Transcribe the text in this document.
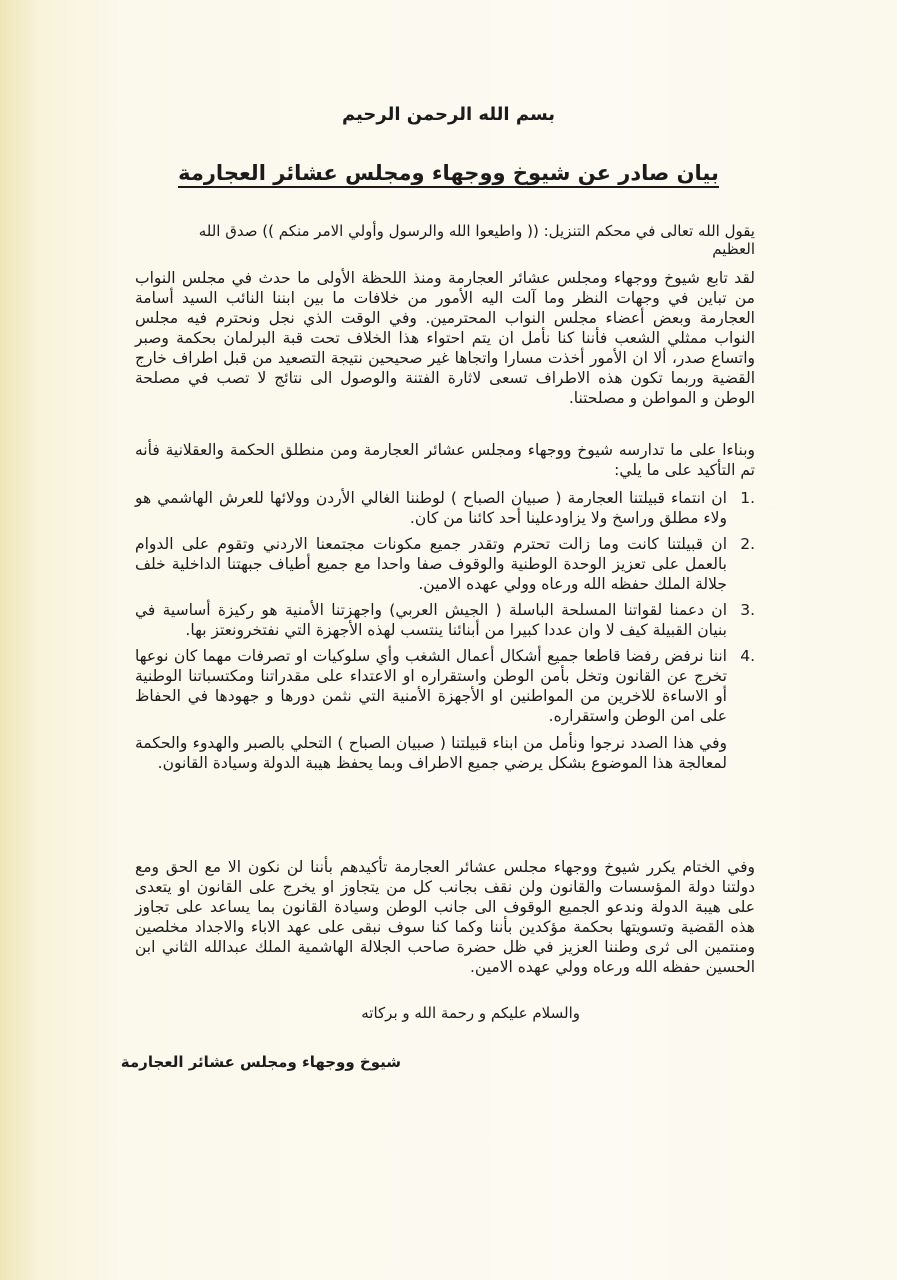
بسم الله الرحمن الرحيم
بيان صادر عن شيوخ ووجهاء ومجلس عشائر العجارمة
يقول الله تعالى في محكم التنزيل: (( واطيعوا الله والرسول وأولي الامر منكم )) صدق الله العظيم
لقد تابع شيوخ ووجهاء ومجلس عشائر العجارمة ومنذ اللحظة الأولى ما حدث في مجلس النواب من تباين في وجهات النظر وما آلت اليه الأمور من خلافات ما بين ابننا النائب السيد أسامة العجارمة وبعض أعضاء مجلس النواب المحترمين. وفي الوقت الذي نجل ونحترم فيه مجلس النواب ممثلي الشعب فأننا كنا نأمل ان يتم احتواء هذا الخلاف تحت قبة البرلمان بحكمة وصبر واتساع صدر، ألا ان الأمور أخذت مسارا واتجاها غير صحيحين نتيجة التصعيد من قبل اطراف خارج القضية وربما تكون هذه الاطراف تسعى لاثارة الفتنة والوصول الى نتائج لا تصب في مصلحة الوطن و المواطن و مصلحتنا.
وبناءا على ما تدارسه شيوخ ووجهاء ومجلس عشائر العجارمة ومن منطلق الحكمة والعقلانية فأنه تم التأكيد على ما يلي:
.1
ان انتماء قبيلتنا العجارمة ( صبيان الصباح ) لوطننا الغالي الأردن وولائها للعرش الهاشمي هو ولاء مطلق وراسخ ولا يزاودعلينا أحد كائنا من كان.
.2
ان قبيلتنا كانت وما زالت تحترم وتقدر جميع مكونات مجتمعنا الاردني وتقوم على الدوام بالعمل على تعزيز الوحدة الوطنية والوقوف صفا واحدا مع جميع أطياف جبهتنا الداخلية خلف جلالة الملك حفظه الله ورعاه وولي عهده الامين.
.3
ان دعمنا لقواتنا المسلحة الباسلة ( الجيش العربي) واجهزتنا الأمنية هو ركيزة أساسية في بنيان القبيلة كيف لا وان عددا كبيرا من أبنائنا ينتسب لهذه الأجهزة التي نفتخرونعتز بها.
.4
اننا نرفض رفضا قاطعا جميع أشكال أعمال الشغب وأي سلوكيات او تصرفات مهما كان نوعها تخرج عن القانون وتخل بأمن الوطن واستقراره او الاعتداء على مقدراتنا ومكتسباتنا الوطنية أو الاساءة للاخرين من المواطنين او الأجهزة الأمنية التي نثمن دورها و جهودها في الحفاظ على امن الوطن واستقراره.
وفي هذا الصدد نرجوا ونأمل من ابناء قبيلتنا ( صبيان الصباح ) التحلي بالصبر والهدوء والحكمة لمعالجة هذا الموضوع بشكل يرضي جميع الاطراف وبما يحفظ هيبة الدولة وسيادة القانون.
وفي الختام يكرر شيوخ ووجهاء مجلس عشائر العجارمة تأكيدهم بأننا لن نكون الا مع الحق ومع دولتنا دولة المؤسسات والقانون ولن نقف بجانب كل من يتجاوز او يخرج على القانون او يتعدى على هيبة الدولة وندعو الجميع الوقوف الى جانب الوطن وسيادة القانون بما يساعد على تجاوز هذه القضية وتسويتها بحكمة مؤكدين بأننا وكما كنا سوف نبقى على عهد الاباء والاجداد مخلصين ومنتمين الى ثرى وطننا العزيز في ظل حضرة صاحب الجلالة الهاشمية الملك عبدالله الثاني ابن الحسين حفظه الله ورعاه وولي عهده الامين.
والسلام عليكم و رحمة الله و بركاته
شيوخ ووجهاء ومجلس عشائر العجارمة
